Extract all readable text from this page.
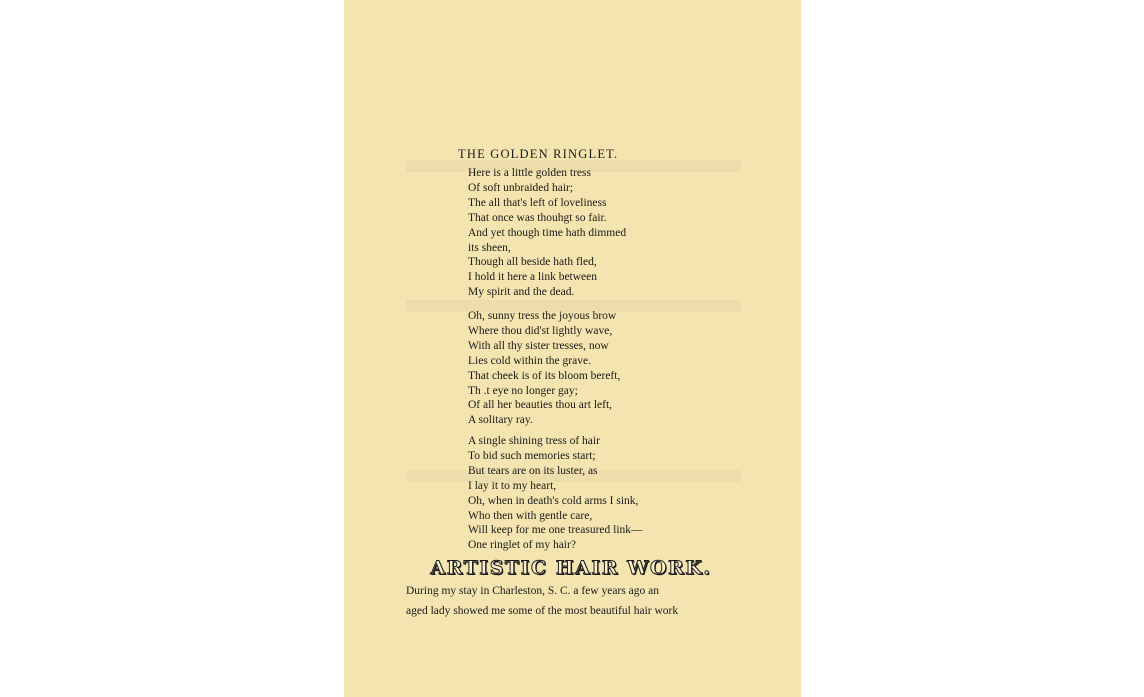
THE GOLDEN RINGLET.
Here is a little golden tress
Of soft unbraided hair;
The all that's left of loveliness
That once was thouhgt so fair.
And yet though time hath dimmed
its sheen,
Though all beside hath fled,
I hold it here a link between
My spirit and the dead.
Oh, sunny tress the joyous brow
Where thou did'st lightly wave,
With all thy sister tresses, now
Lies cold within the grave.
That cheek is of its bloom bereft,
Th .t eye no longer gay;
Of all her beauties thou art left,
A solitary ray.
A single shining tress of hair
To bid such memories start;
But tears are on its luster, as
I lay it to my heart,
Oh, when in death's cold arms I sink,
Who then with gentle care,
Will keep for me one treasured link—
One ringlet of my hair?
ARTISTIC HAIR WORK.
During my stay in Charleston, S. C. a few years ago an
aged lady showed me some of the most beautiful hair work
